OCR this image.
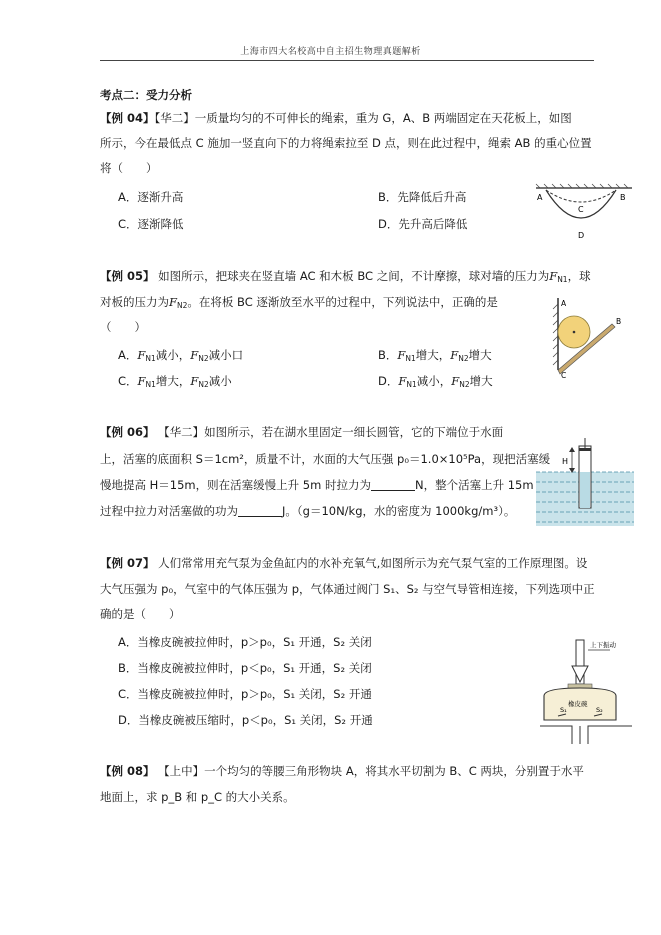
上海市四大名校高中自主招生物理真题解析
考点二：受力分析
【例 04】【华二】一质量均匀的不可伸长的绳索，重为 G，A、B 两端固定在天花板上，如图
所示，今在最低点 C 施加一竖直向下的力将绳索拉至 D 点，则在此过程中，绳索 AB 的重心位置
将（　　）
A．逐渐升高	B．先降低后升高
C．逐渐降低	D．先升高后降低
A	B
C
D
【例 05】 如图所示，把球夹在竖直墙 AC 和木板 BC 之间，不计摩擦，球对墙的压力为$F_{N1}$，球
对板的压力为$F_{N2}$。在将板 BC 逐渐放至水平的过程中，下列说法中，正确的是
（　　）
A．$F_{N1}$减小，$F_{N2}$减小口	B．$F_{N1}$增大，$F_{N2}$增大
C．$F_{N1}$增大，$F_{N2}$减小	D．$F_{N1}$减小，$F_{N2}$增大
A
B
C
【例 06】 【华二】如图所示，若在湖水里固定一细长圆管，它的下端位于水面
上，活塞的底面积 S＝1cm²，质量不计，水面的大气压强 p₀＝1.0×10⁵Pa，现把活塞缓
慢地提高 H＝15m，则在活塞缓慢上升 5m 时拉力为	N，整个活塞上升 15m
过程中拉力对活塞做的功为	J。（g＝10N/kg，水的密度为 1000kg/m³）。
H
【例 07】 人们常常用充气泵为金鱼缸内的水补充氧气,如图所示为充气泵气室的工作原理图。设
大气压强为 p₀，气室中的气体压强为 p，气体通过阀门 S₁、S₂ 与空气导管相连接，下列选项中正
确的是（　　）
A．当橡皮碗被拉伸时，p＞p₀，S₁ 开通，S₂ 关闭
B．当橡皮碗被拉伸时，p＜p₀，S₁ 开通，S₂ 关闭
C．当橡皮碗被拉伸时，p＞p₀，S₁ 关闭，S₂ 开通
D．当橡皮碗被压缩时，p＜p₀，S₁ 关闭，S₂ 开通
上下振动
橡皮碗
S₁	S₂
【例 08】 【上中】一个均匀的等腰三角形物块 A，将其水平切割为 B、C 两块，分别置于水平
地面上，求 p_B 和 p_C 的大小关系。
